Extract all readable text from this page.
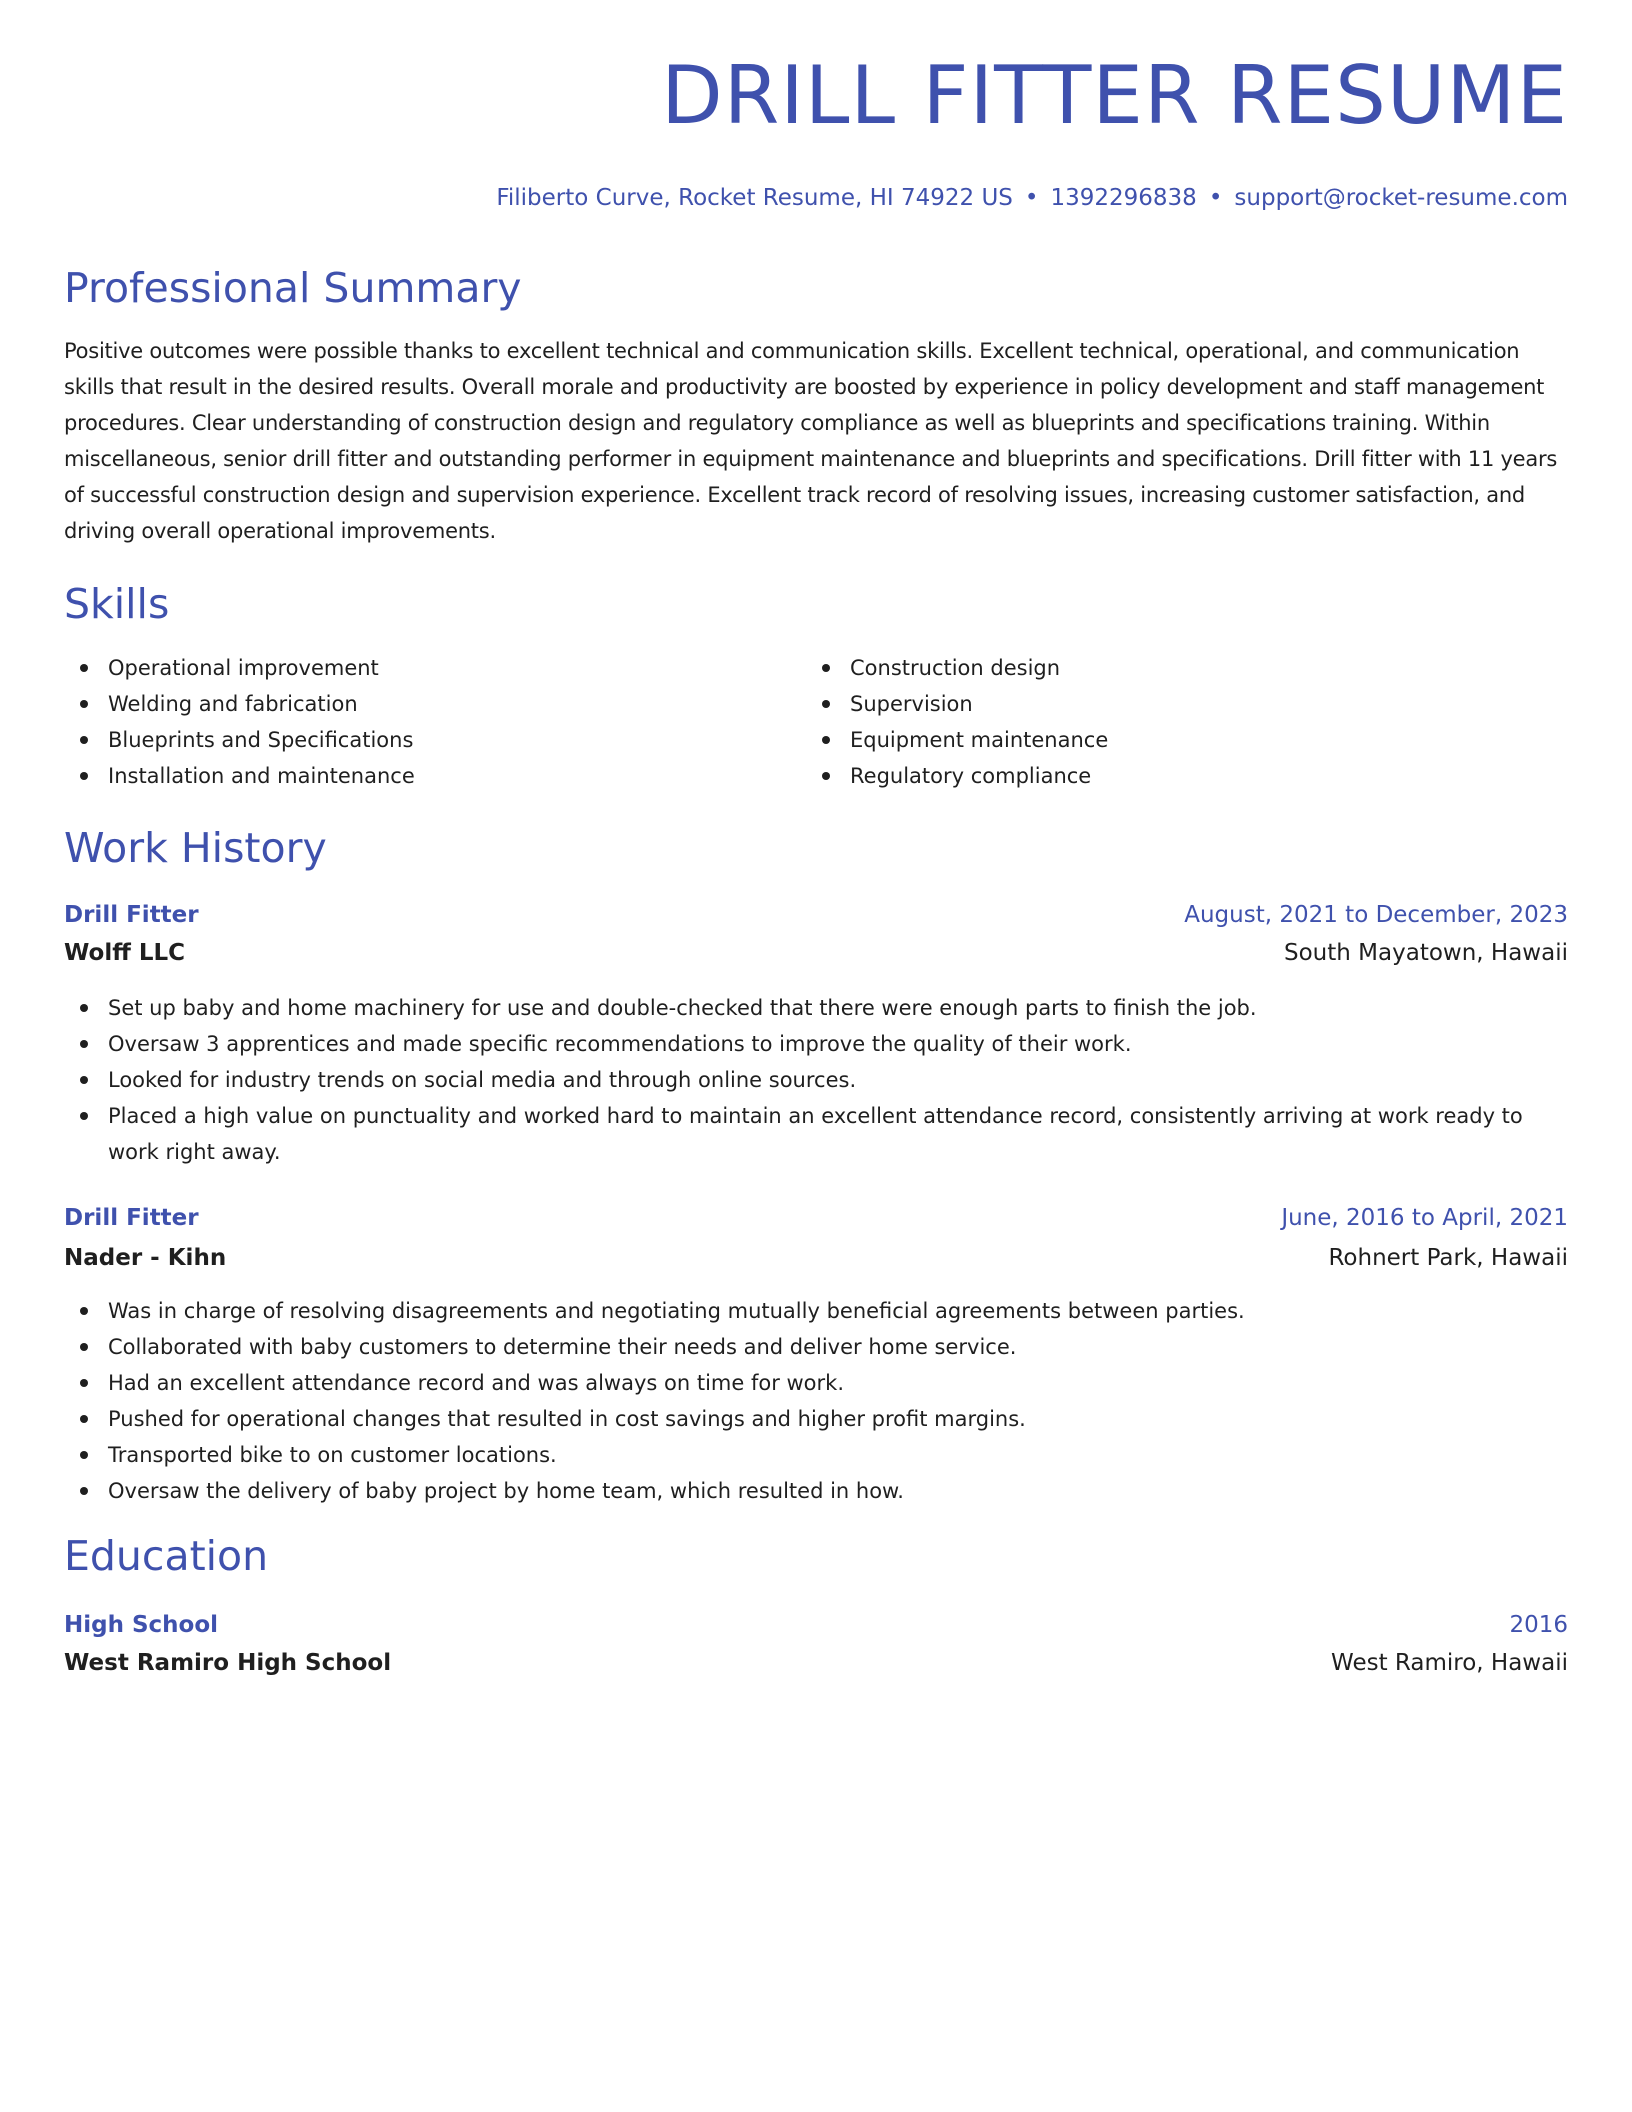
DRILL FITTER RESUME

Filiberto Curve, Rocket Resume, HI 74922 US • 1392296838 • support@rocket-resume.com

Professional Summary

Positive outcomes were possible thanks to excellent technical and communication skills. Excellent technical, operational, and communication skills that result in the desired results. Overall morale and productivity are boosted by experience in policy development and staff management procedures. Clear understanding of construction design and regulatory compliance as well as blueprints and specifications training. Within miscellaneous, senior drill fitter and outstanding performer in equipment maintenance and blueprints and specifications. Drill fitter with 11 years of successful construction design and supervision experience. Excellent track record of resolving issues, increasing customer satisfaction, and driving overall operational improvements.

Skills
Operational improvement
Welding and fabrication
Blueprints and Specifications
Installation and maintenance
Construction design
Supervision
Equipment maintenance
Regulatory compliance
Work History
Drill Fitter	August, 2021 to December, 2023
Wolff LLC	South Mayatown, Hawaii
Set up baby and home machinery for use and double-checked that there were enough parts to finish the job.
Oversaw 3 apprentices and made specific recommendations to improve the quality of their work.
Looked for industry trends on social media and through online sources.
Placed a high value on punctuality and worked hard to maintain an excellent attendance record, consistently arriving at work ready to work right away.
Drill Fitter	June, 2016 to April, 2021
Nader - Kihn	Rohnert Park, Hawaii
Was in charge of resolving disagreements and negotiating mutually beneficial agreements between parties.
Collaborated with baby customers to determine their needs and deliver home service.
Had an excellent attendance record and was always on time for work.
Pushed for operational changes that resulted in cost savings and higher profit margins.
Transported bike to on customer locations.
Oversaw the delivery of baby project by home team, which resulted in how.
Education
High School	2016
West Ramiro High School	West Ramiro, Hawaii
